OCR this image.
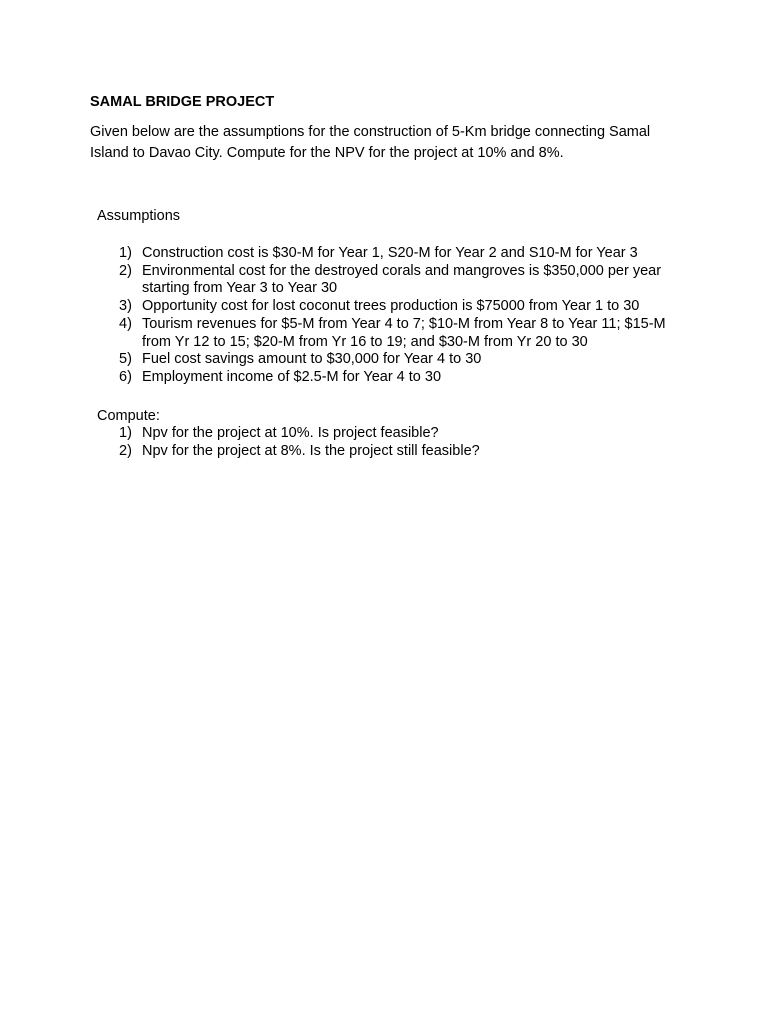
SAMAL BRIDGE PROJECT

Given below are the assumptions for the construction of 5-Km bridge connecting Samal
Island to Davao City. Compute for the NPV for the project at 10% and 8%.

Assumptions

1) Construction cost is $30-M for Year 1, S20-M for Year 2 and S10-M for Year 3
2) Environmental cost for the destroyed corals and mangroves is $350,000 per year starting from Year 3 to Year 30
3) Opportunity cost for lost coconut trees production is $75000 from Year 1 to 30
4) Tourism revenues for $5-M from Year 4 to 7; $10-M from Year 8 to Year 11; $15-M from Yr 12 to 15; $20-M from Yr 16 to 19; and $30-M from Yr 20 to 30
5) Fuel cost savings amount to $30,000 for Year 4 to 30
6) Employment income of $2.5-M for Year 4 to 30

Compute:

1) Npv for the project at 10%. Is project feasible?
2) Npv for the project at 8%. Is the project still feasible?
